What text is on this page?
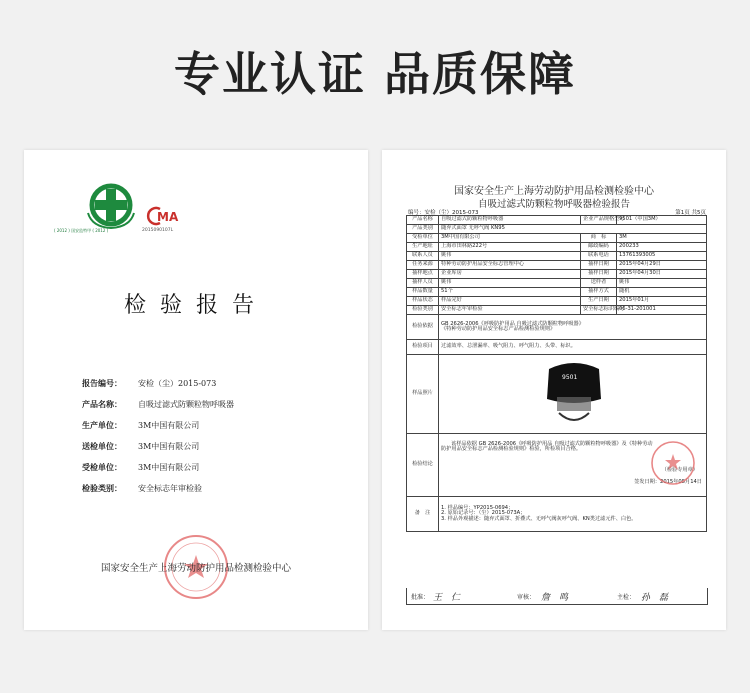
专业认证 品质保障
( 2012 ) 国安监特甲 ( 2012 )
MA
2015090107L
检验报告
报告编号： 安检（尘）2015-073
产品名称： 自吸过滤式防颗粒物呼吸器
生产单位： 3M中国有限公司
送检单位： 3M中国有限公司
受检单位： 3M中国有限公司
检验类别： 安全标志年审检验
国家安全生产上海劳动防护用品检测检验中心
国家安全生产上海劳动防护用品检测检验中心
自吸过滤式防颗粒物呼吸器检验报告
编号：安检（尘）2015-073	第1页 共5页
产品名称	自吸过滤式防颗粒物呼吸器	企业产品规格型号	9501（中国3M）
产品类别	随弃式面罩 无呼气阀 KN95		
受检单位	3M中国有限公司	商　标	3M
生产地址	上海市田林路222号	邮政编码	200233
联系人员	姚伟	联系电话	13761393005
任务来源	特种劳动防护用品安全标志管理中心	抽样日期	2015年04月29日
抽样地点	企业库房	抽样日期	2015年04月30日
抽样人员	姚伟	送样者	姚伟
样品数量	51个	抽样方式	随机
样品状态	样品完好	生产日期	2015年01月
检验类别	安全标志年审检验	安全标志标识编号	06-31-201001
检验依据	GB 2626-2006《呼吸防护用品 自吸过滤式防颗粒物呼吸器》
《特种劳动防护用品安全标志产品检测检验规则》		

检验项目	过滤效率、总泄漏率、吸气阻力、呼气阻力、头带、标识。		
样品照片	9501		

检验结论	该样品依据 GB 2626-2006《呼吸防护用品 自吸过滤式防颗粒物呼吸器》及《特种劳动
防护用品安全标志产品检测检验规则》检验，所检项目合格。
（检验专用章）
签发日期：2015年05月14日		

备　注	1. 样品编号：YP2015-0694；
2. 原始记录号：（尘）2015-073A；
3. 样品外观描述：随弃式面罩、折叠式、无呼气阀灰呼气阀、KN类过滤元件、白色。		
批准： 王　仁	审核： 詹　鸣	主检： 孙　磊
